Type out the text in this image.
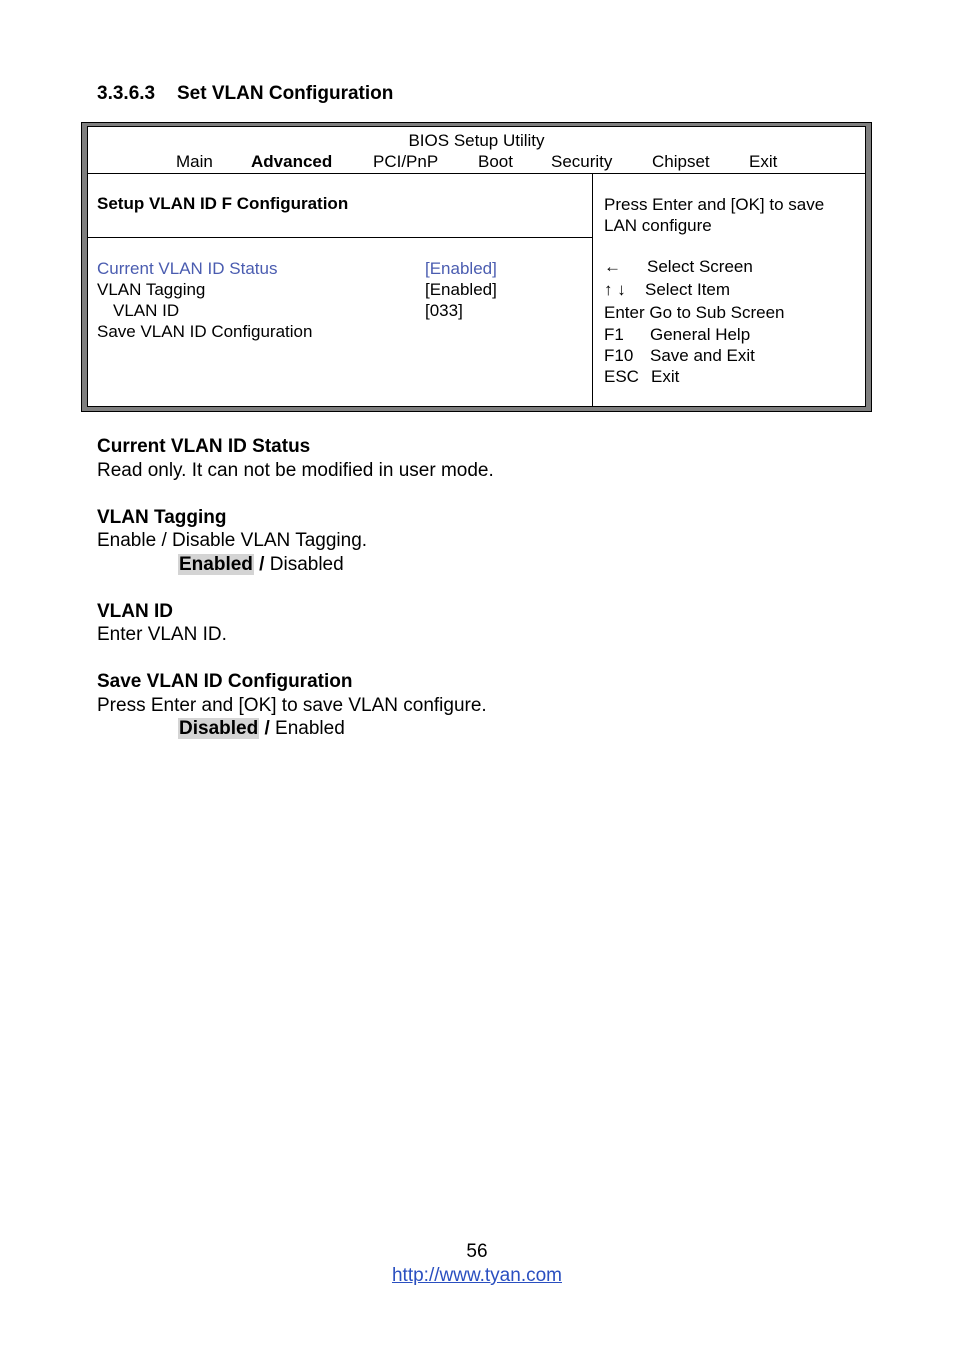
3.3.6.3 Set VLAN Configuration
BIOS Setup Utility
Main Advanced PCI/PnP Boot Security Chipset Exit
Setup VLAN ID F Configuration
Current VLAN ID Status	[Enabled]
VLAN Tagging	[Enabled]
VLAN ID	[033]
Save VLAN ID Configuration
Press Enter and [OK] to save
LAN configure
← Select Screen
↑ ↓ Select Item
Enter Go to Sub Screen
F1 General Help
F10 Save and Exit
ESC Exit
Current VLAN ID Status
Read only. It can not be modified in user mode.
VLAN Tagging
Enable / Disable VLAN Tagging.
Enabled / Disabled
VLAN ID
Enter VLAN ID.
Save VLAN ID Configuration
Press Enter and [OK] to save VLAN configure.
Disabled / Enabled
56
http://www.tyan.com
